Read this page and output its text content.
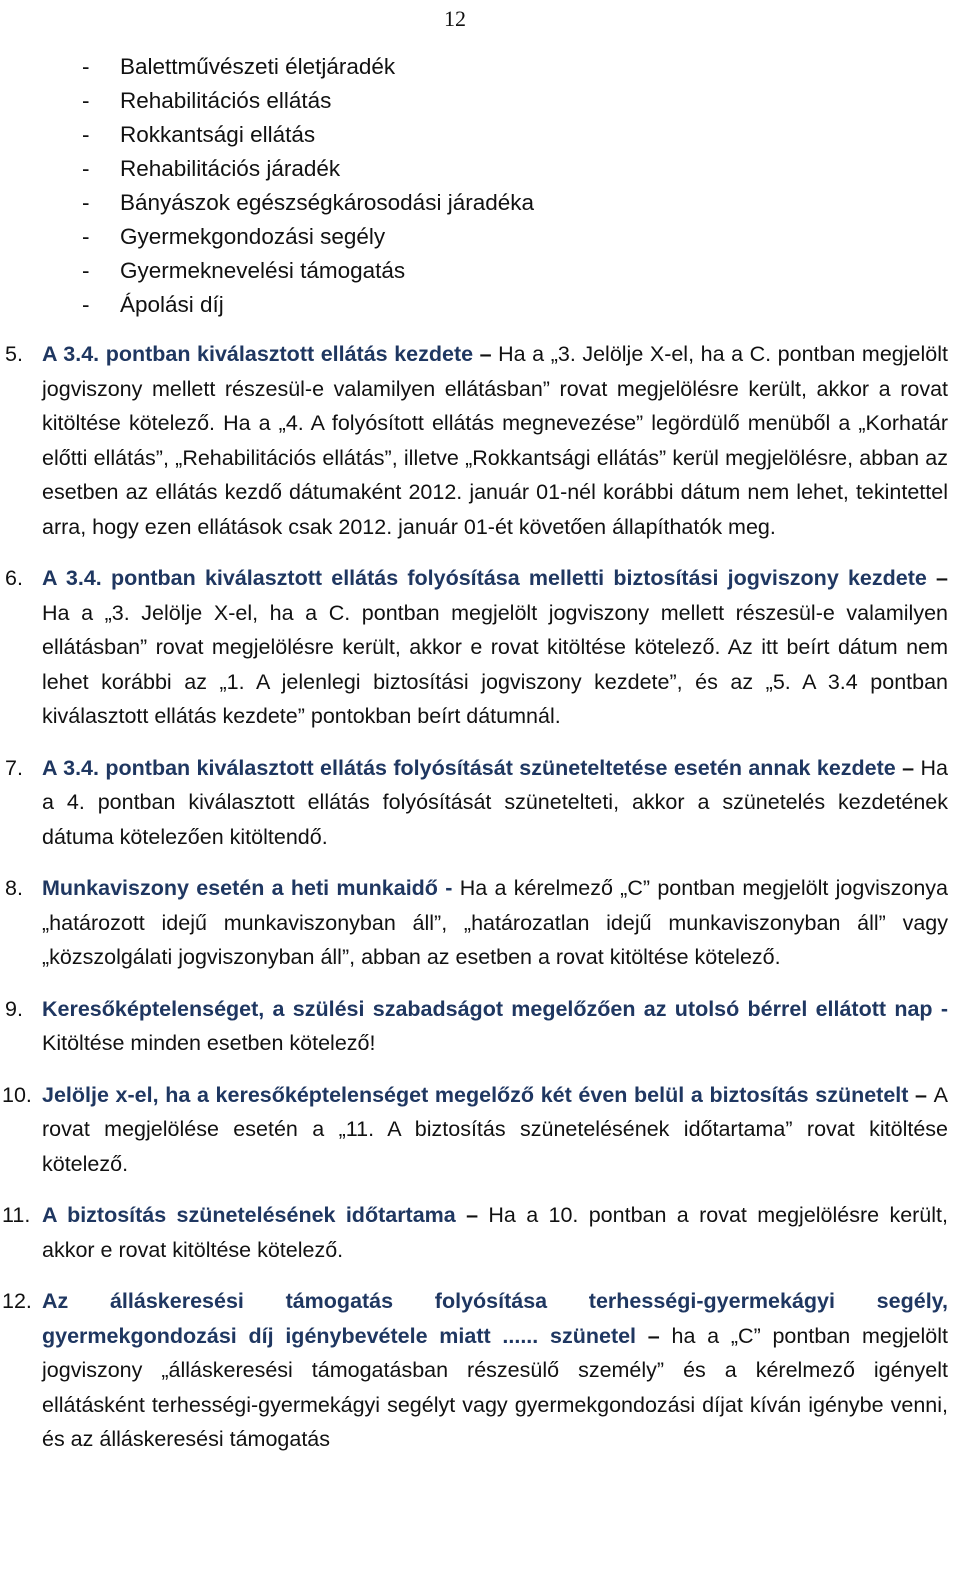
12
- Balettművészeti életjáradék
- Rehabilitációs ellátás
- Rokkantsági ellátás
- Rehabilitációs járadék
- Bányászok egészségkárosodási járadéka
- Gyermekgondozási segély
- Gyermeknevelési támogatás
- Ápolási díj
5. A 3.4. pontban kiválasztott ellátás kezdete – Ha a „3. Jelölje X-el, ha a C. pontban megjelölt jogviszony mellett részesül-e valamilyen ellátásban” rovat megjelölésre került, akkor a rovat kitöltése kötelező. Ha a „4. A folyósított ellátás megnevezése” legördülő menüből a „Korhatár előtti ellátás”, „Rehabilitációs ellátás”, illetve „Rokkantsági ellátás” kerül megjelölésre, abban az esetben az ellátás kezdő dátumaként 2012. január 01-nél korábbi dátum nem lehet, tekintettel arra, hogy ezen ellátások csak 2012. január 01-ét követően állapíthatók meg.
6. A 3.4. pontban kiválasztott ellátás folyósítása melletti biztosítási jogviszony kezdete – Ha a „3. Jelölje X-el, ha a C. pontban megjelölt jogviszony mellett részesül-e valamilyen ellátásban” rovat megjelölésre került, akkor e rovat kitöltése kötelező. Az itt beírt dátum nem lehet korábbi az „1. A jelenlegi biztosítási jogviszony kezdete”, és az „5. A 3.4 pontban kiválasztott ellátás kezdete” pontokban beírt dátumnál.
7. A 3.4. pontban kiválasztott ellátás folyósítását szüneteltetése esetén annak kezdete – Ha a 4. pontban kiválasztott ellátás folyósítását szünetelteti, akkor a szünetelés kezdetének dátuma kötelezően kitöltendő.
8. Munkaviszony esetén a heti munkaidő - Ha a kérelmező „C” pontban megjelölt jogviszonya „határozott idejű munkaviszonyban áll”, „határozatlan idejű munkaviszonyban áll” vagy „közszolgálati jogviszonyban áll”, abban az esetben a rovat kitöltése kötelező.
9. Keresőképtelenséget, a szülési szabadságot megelőzően az utolsó bérrel ellátott nap - Kitöltése minden esetben kötelező!
10. Jelölje x-el, ha a keresőképtelenséget megelőző két éven belül a biztosítás szünetelt – A rovat megjelölése esetén a „11. A biztosítás szünetelésének időtartama” rovat kitöltése kötelező.
11. A biztosítás szünetelésének időtartama – Ha a 10. pontban a rovat megjelölésre került, akkor e rovat kitöltése kötelező.
12. Az álláskeresési támogatás folyósítása terhességi-gyermekágyi segély, gyermekgondozási díj igénybevétele miatt ...... szünetel – ha a „C” pontban megjelölt jogviszony „álláskeresési támogatásban részesülő személy” és a kérelmező igényelt ellátásként terhességi-gyermekágyi segélyt vagy gyermekgondozási díjat kíván igénybe venni, és az álláskeresési támogatás
